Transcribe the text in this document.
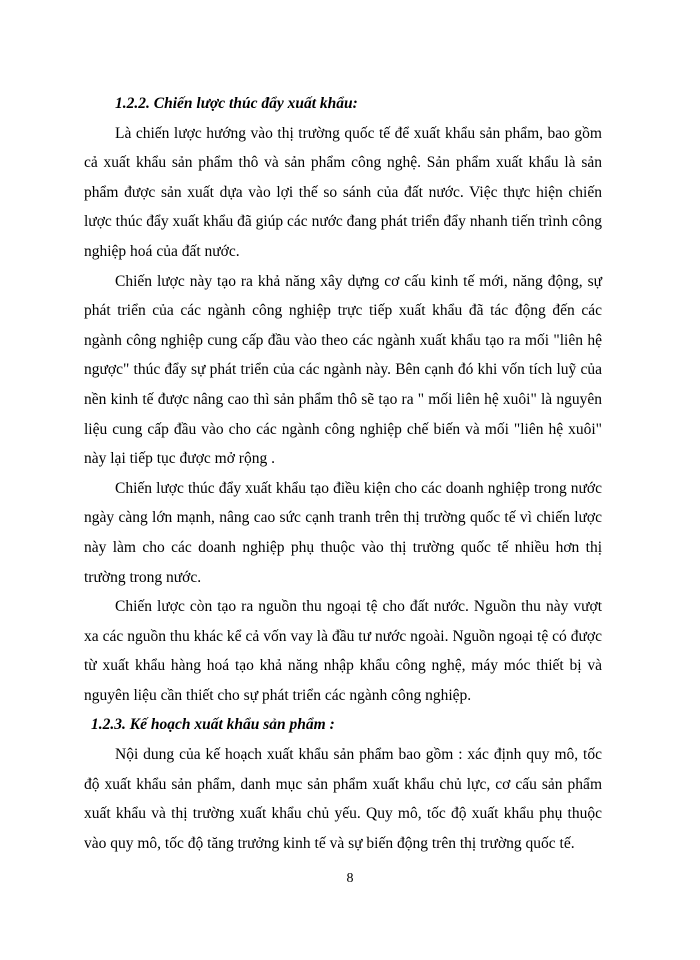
1.2.2. Chiến lược thúc đẩy xuất khẩu:

Là chiến lược hướng vào thị trường quốc tế để xuất khẩu sản phẩm, bao gồm cả xuất khẩu sản phẩm thô và sản phẩm công nghệ. Sản phẩm xuất khẩu là sản phẩm được sản xuất dựa vào lợi thế so sánh của đất nước. Việc thực hiện chiến lược thúc đẩy xuất khẩu đã giúp các nước đang phát triển đẩy nhanh tiến trình công nghiệp hoá của đất nước.

Chiến lược này tạo ra khả năng xây dựng cơ cấu kinh tế mới, năng động, sự phát triển của các ngành công nghiệp trực tiếp xuất khẩu đã tác động đến các ngành công nghiệp cung cấp đầu vào theo các ngành xuất khẩu tạo ra mối "liên hệ ngược" thúc đẩy sự phát triển của các ngành này. Bên cạnh đó khi vốn tích luỹ của nền kinh tế được nâng cao thì sản phẩm thô sẽ tạo ra " mối liên hệ xuôi" là nguyên liệu cung cấp đầu vào cho các ngành công nghiệp chế biến và mối "liên hệ xuôi" này lại tiếp tục được mở rộng .

Chiến lược thúc đẩy xuất khẩu tạo điều kiện cho các doanh nghiệp trong nước ngày càng lớn mạnh, nâng cao sức cạnh tranh trên thị trường quốc tế vì chiến lược này làm cho các doanh nghiệp phụ thuộc vào thị trường quốc tế nhiều hơn thị trường trong nước.

Chiến lược còn tạo ra nguồn thu ngoại tệ cho đất nước. Nguồn thu này vượt xa các nguồn thu khác kể cả vốn vay là đầu tư nước ngoài. Nguồn ngoại tệ có được từ xuất khẩu hàng hoá tạo khả năng nhập khẩu công nghệ, máy móc thiết bị và nguyên liệu cần thiết cho sự phát triển các ngành công nghiệp.

1.2.3. Kế hoạch xuất khẩu sản phẩm :

Nội dung của kế hoạch xuất khẩu sản phẩm bao gồm : xác định quy mô, tốc độ xuất khẩu sản phẩm, danh mục sản phẩm xuất khẩu chủ lực, cơ cấu sản phẩm xuất khẩu và thị trường xuất khẩu chủ yếu. Quy mô, tốc độ xuất khẩu phụ thuộc vào quy mô, tốc độ tăng trưởng kinh tế và sự biến động trên thị trường quốc tế.

8
